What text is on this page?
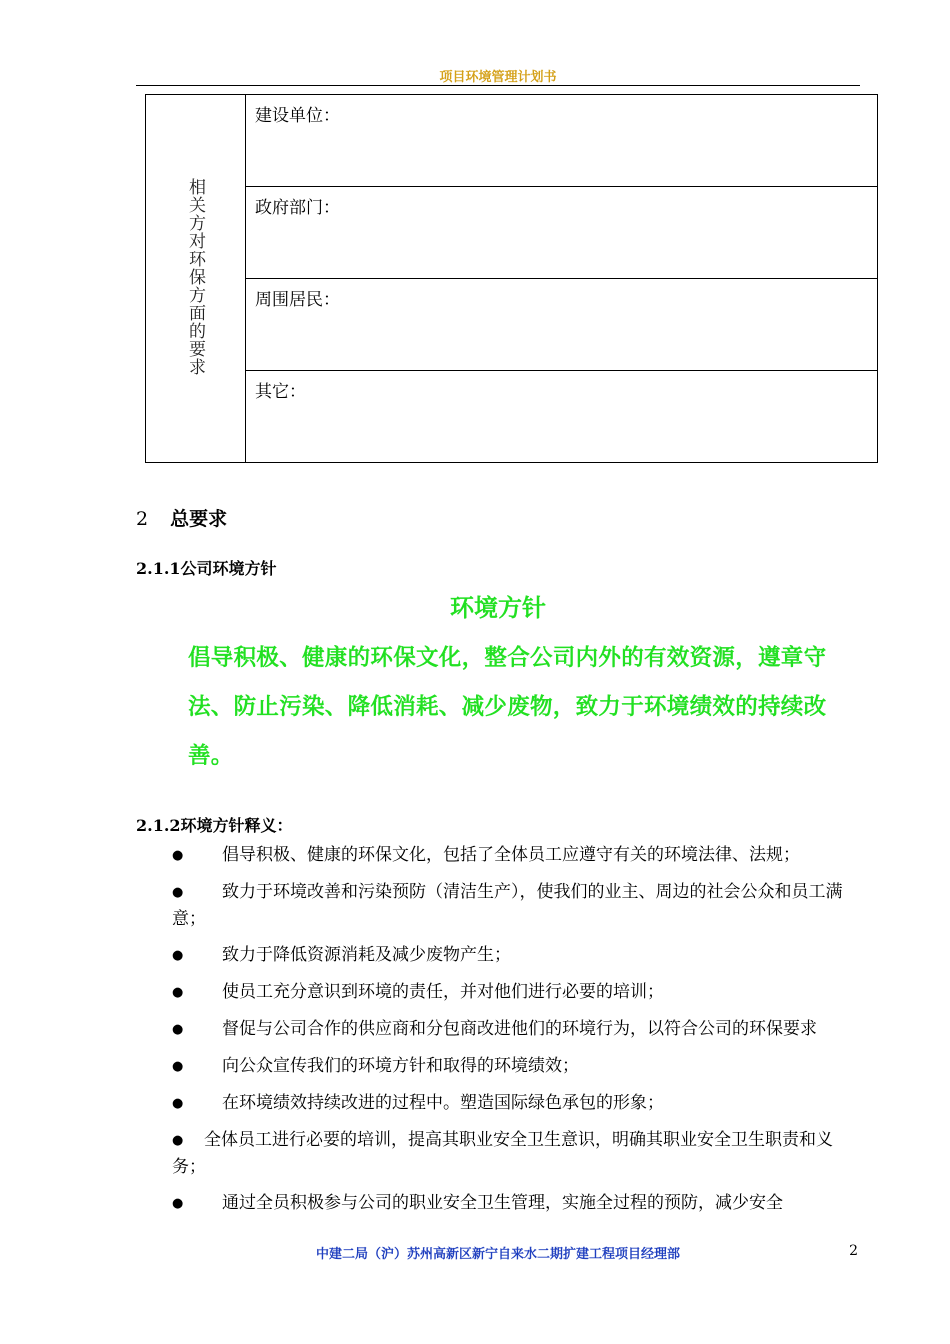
项目环境管理计划书
相关方对环保方面的要求	
建设单位：

政府部门：

周围居民：

其它：
2 总要求
2.1.1公司环境方针
环境方针
倡导积极、健康的环保文化，整合公司内外的有效资源，遵章守法、防止污染、降低消耗、减少废物，致力于环境绩效的持续改善。
2.1.2环境方针释义：
● 倡导积极、健康的环保文化，包括了全体员工应遵守有关的环境法律、法规；
● 致力于环境改善和污染预防（清洁生产），使我们的业主、周边的社会公众和员工满意；
● 致力于降低资源消耗及减少废物产生；
● 使员工充分意识到环境的责任，并对他们进行必要的培训；
● 督促与公司合作的供应商和分包商改进他们的环境行为，以符合公司的环保要求
● 向公众宣传我们的环境方针和取得的环境绩效；
● 在环境绩效持续改进的过程中。塑造国际绿色承包的形象；
● 全体员工进行必要的培训，提高其职业安全卫生意识，明确其职业安全卫生职责和义务；
● 通过全员积极参与公司的职业安全卫生管理，实施全过程的预防，减少安全
中建二局（沪）苏州高新区新宁自来水二期扩建工程项目经理部	2
